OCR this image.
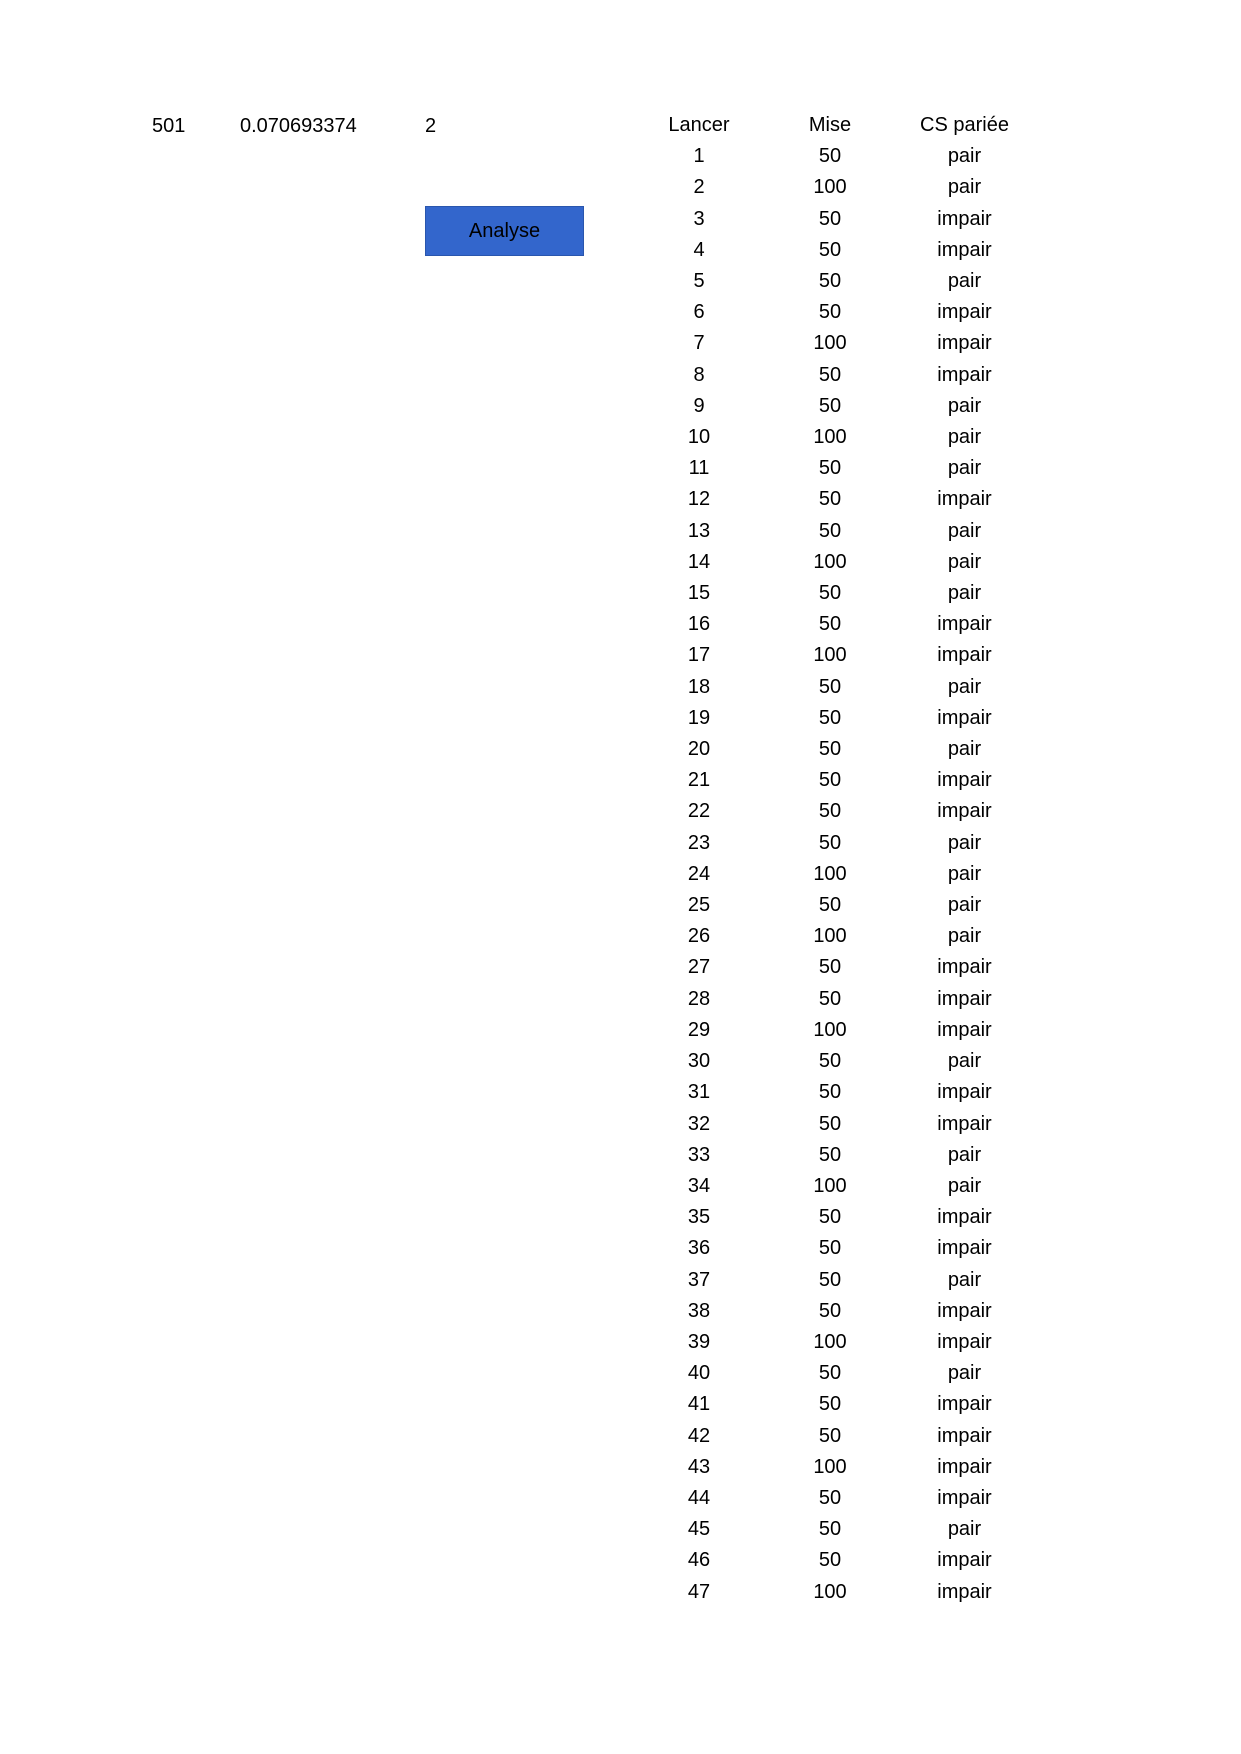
501	0.070693374	2
Analyse
Lancer	Mise	CS pariée
1	50	pair
2	100	pair
3	50	impair
4	50	impair
5	50	pair
6	50	impair
7	100	impair
8	50	impair
9	50	pair
10	100	pair
11	50	pair
12	50	impair
13	50	pair
14	100	pair
15	50	pair
16	50	impair
17	100	impair
18	50	pair
19	50	impair
20	50	pair
21	50	impair
22	50	impair
23	50	pair
24	100	pair
25	50	pair
26	100	pair
27	50	impair
28	50	impair
29	100	impair
30	50	pair
31	50	impair
32	50	impair
33	50	pair
34	100	pair
35	50	impair
36	50	impair
37	50	pair
38	50	impair
39	100	impair
40	50	pair
41	50	impair
42	50	impair
43	100	impair
44	50	impair
45	50	pair
46	50	impair
47	100	impair
